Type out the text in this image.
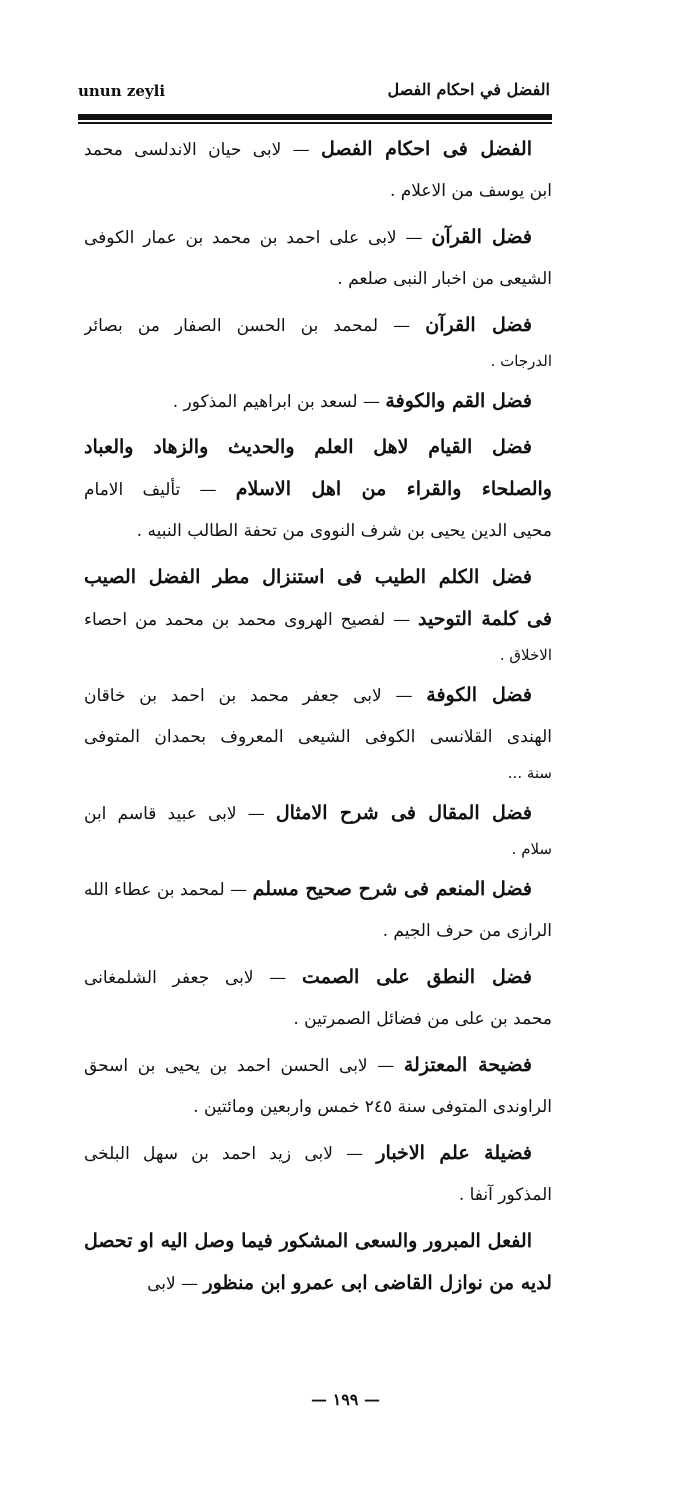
unun zeyli	الفضل في احكام الفصل
الفضل فى احكام الفصل — لابى حيان الاندلسى محمد
ابن يوسف من الاعلام .
فضل القرآن — لابى على احمد بن محمد بن عمار الكوفى
الشيعى من اخبار النبى صلعم .
فضل القرآن — لمحمد بن الحسن الصفار من بصائر
الدرجات .
فضل القم والكوفة — لسعد بن ابراهيم المذكور .
فضل القيام لاهل العلم والحديث والزهاد والعباد
والصلحاء والقراء من اهل الاسلام — تأليف الامام
محيى الدين يحيى بن شرف النووى من تحفة الطالب النبيه .
فضل الكلم الطيب فى استنزال مطر الفضل الصيب
فى كلمة التوحيد — لفصيح الهروى محمد بن محمد من احصاء
الاخلاق .
فضل الكوفة — لابى جعفر محمد بن احمد بن خاقان
الهندى القلانسى الكوفى الشيعى المعروف بحمدان المتوفى
سنة ...
فضل المقال فى شرح الامثال — لابى عبيد قاسم ابن
سلام .
فضل المنعم فى شرح صحيح مسلم — لمحمد بن عطاء الله
الرازى من حرف الجيم .
فضل النطق على الصمت — لابى جعفر الشلمغانى
محمد بن على من فضائل الصمرتين .
فضيحة المعتزلة — لابى الحسن احمد بن يحيى بن اسحق
الراوندى المتوفى سنة ٢٤٥ خمس واربعين ومائتين .
فضيلة علم الاخبار — لابى زيد احمد بن سهل البلخى
المذكور آنفا .
الفعل المبرور والسعى المشكور فيما وصل اليه او تحصل
لديه من نوازل القاضى ابى عمرو ابن منظور — لابى
— ١٩٩ —
